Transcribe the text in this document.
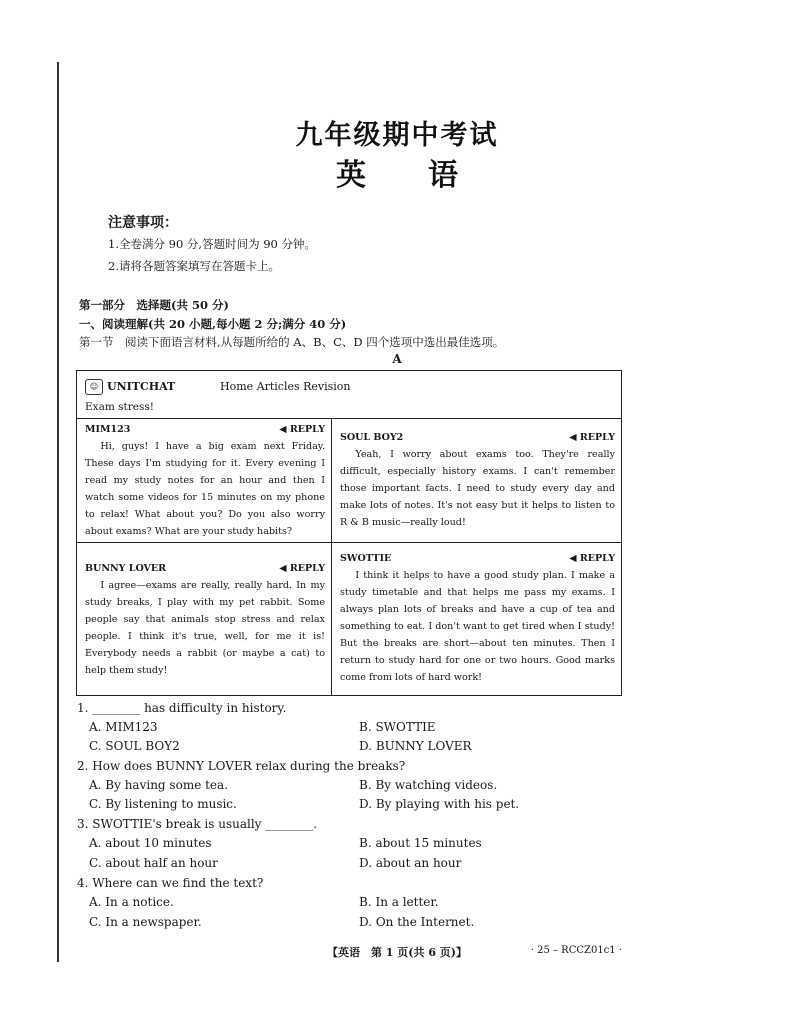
九年级期中考试
英 语
注意事项：
1.全卷满分 90 分,答题时间为 90 分钟。
2.请将各题答案填写在答题卡上。
第一部分　选择题(共 50 分)
一、阅读理解(共 20 小题,每小题 2 分;满分 40 分)
第一节　阅读下面语言材料,从每题所给的 A、B、C、D 四个选项中选出最佳选项。
A
☺ UNITCHAT	Home Articles Revision
Exam stress!
MIM123	◀ REPLY
Hi, guys! I have a big exam next Friday. These days I'm studying for it. Every evening I read my study notes for an hour and then I watch some videos for 15 minutes on my phone to relax! What about you? Do you also worry about exams? What are your study habits?
SOUL BOY2	◀ REPLY
Yeah, I worry about exams too. They're really difficult, especially history exams. I can't remember those important facts. I need to study every day and make lots of notes. It's not easy but it helps to listen to R & B music—really loud!
BUNNY LOVER	◀ REPLY
I agree—exams are really, really hard. In my study breaks, I play with my pet rabbit. Some people say that animals stop stress and relax people. I think it's true, well, for me it is! Everybody needs a rabbit (or maybe a cat) to help them study!
SWOTTIE	◀ REPLY
I think it helps to have a good study plan. I make a study timetable and that helps me pass my exams. I always plan lots of breaks and have a cup of tea and something to eat. I don't want to get tired when I study! But the breaks are short—about ten minutes. Then I return to study hard for one or two hours. Good marks come from lots of hard work!
1. ________ has difficulty in history.
A. MIM123	B. SWOTTIE
C. SOUL BOY2	D. BUNNY LOVER
2. How does BUNNY LOVER relax during the breaks?
A. By having some tea.	B. By watching videos.
C. By listening to music.	D. By playing with his pet.
3. SWOTTIE's break is usually ________.
A. about 10 minutes	B. about 15 minutes
C. about half an hour	D. about an hour
4. Where can we find the text?
A. In a notice.	B. In a letter.
C. In a newspaper.	D. On the Internet.
【英语　第 1 页(共 6 页)】	· 25 – RCCZ01c1 ·
